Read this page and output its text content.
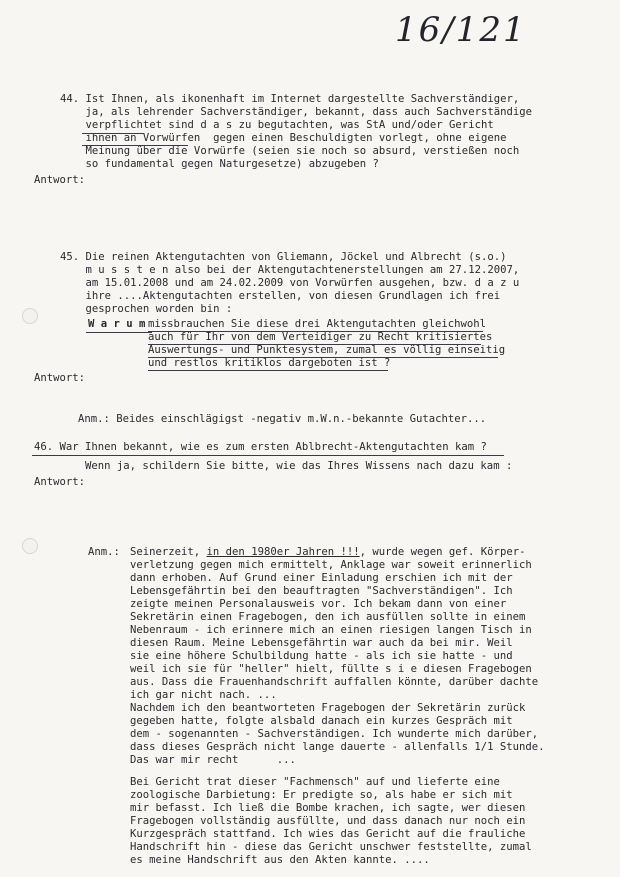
16/121
44. Ist Ihnen, als ikonenhaft im Internet dargestellte Sachverständiger,
ja, als lehrender Sachverständiger, bekannt, dass auch Sachverständige
verpflichtet sind d a s zu begutachten, was StA und/oder Gericht
ihnen an Vorwürfen  gegen einen Beschuldigten vorlegt, ohne eigene
Meinung über die Vorwürfe (seien sie noch so absurd, verstießen noch
so fundamental gegen Naturgesetze) abzugeben ?
Antwort:
45. Die reinen Aktengutachten von Gliemann, Jöckel und Albrecht (s.o.)
m u s s t e n also bei der Aktengutachtenerstellungen am 27.12.2007,
am 15.01.2008 und am 24.02.2009 von Vorwürfen ausgehen, bzw. d a z u
ihre ....Aktengutachten erstellen, von diesen Grundlagen ich frei
gesprochen worden bin :
W a r u m missbrauchen Sie diese drei Aktengutachten gleichwohl
auch für Ihr von dem Verteidiger zu Recht kritisiertes
Auswertungs- und Punktesystem, zumal es völlig einseitig
und restlos kritiklos dargeboten ist ?
Antwort:
Anm.: Beides einschlägigst -negativ m.W.n.-bekannte Gutachter...
46. War Ihnen bekannt, wie es zum ersten Ablbrecht-Aktengutachten kam ?
Wenn ja, schildern Sie bitte, wie das Ihres Wissens nach dazu kam :
Antwort:
Anm.: Seinerzeit, in den 1980er Jahren !!!, wurde wegen gef. Körper-
verletzung gegen mich ermittelt, Anklage war soweit erinnerlich
dann erhoben. Auf Grund einer Einladung erschien ich mit der
Lebensgefährtin bei den beauftragten "Sachverständigen". Ich
zeigte meinen Personalausweis vor. Ich bekam dann von einer
Sekretärin einen Fragebogen, den ich ausfüllen sollte in einem
Nebenraum - ich erinnere mich an einen riesigen langen Tisch in
diesen Raum. Meine Lebensgefährtin war auch da bei mir. Weil
sie eine höhere Schulbildung hatte - als ich sie hatte - und
weil ich sie für "heller" hielt, füllte s i e diesen Fragebogen
aus. Dass die Frauenhandschrift auffallen könnte, darüber dachte
ich gar nicht nach. ...
Nachdem ich den beantworteten Fragebogen der Sekretärin zurück
gegeben hatte, folgte alsbald danach ein kurzes Gespräch mit
dem - sogenannten - Sachverständigen. Ich wunderte mich darüber,
dass dieses Gespräch nicht lange dauerte - allenfalls 1/1 Stunde.
Das war mir recht      ...
Bei Gericht trat dieser "Fachmensch" auf und lieferte eine
zoologische Darbietung: Er predigte so, als habe er sich mit
mir befasst. Ich ließ die Bombe krachen, ich sagte, wer diesen
Fragebogen vollständig ausfüllte, und dass danach nur noch ein
Kurzgespräch stattfand. Ich wies das Gericht auf die frauliche
Handschrift hin - diese das Gericht unschwer feststellte, zumal
es meine Handschrift aus den Akten kannte. ....
